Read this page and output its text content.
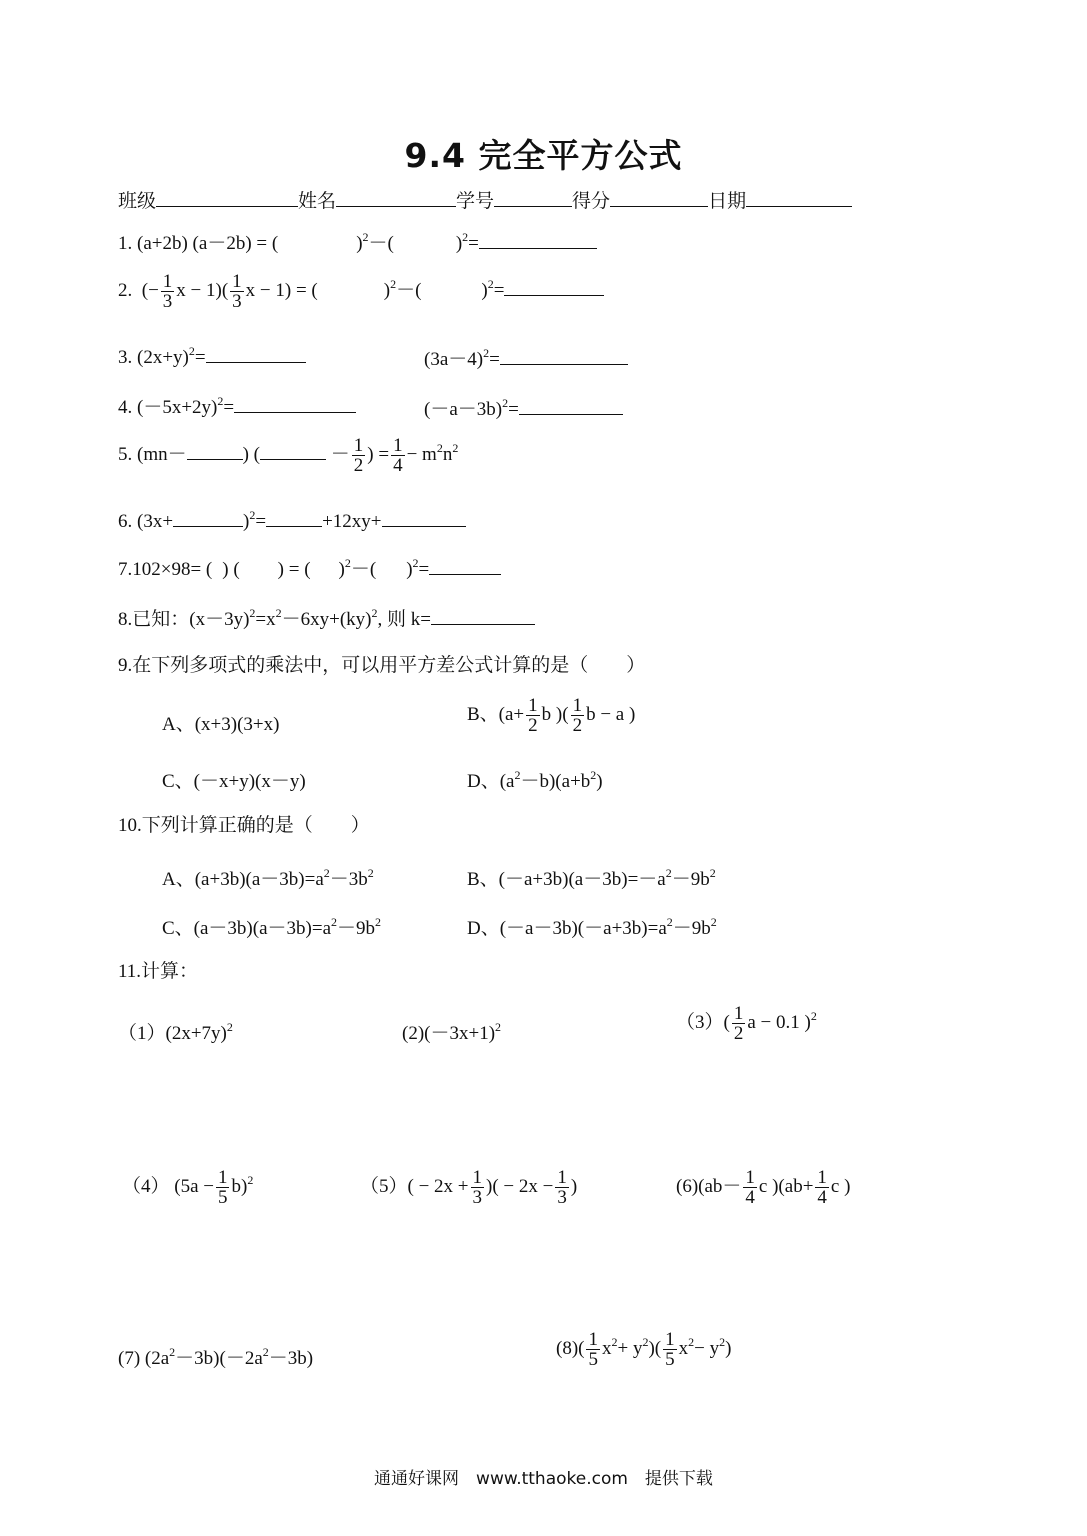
9.4 完全平方公式
班级	姓名	学号	得分	日期
1. (a+2b) (a－2b) = (	)$^2$－(	)$^2$=
2. (− $\frac{1}{3}$ $x - 1)( \frac{1}{3}$ x − 1) = (	)$^2$－(	)$^2$=
3. $(2x+y)^2=$	$(3a-4)^2=$
4. $(-5x+2y)^2=$	$(-a-3b)^2=$
5. (mn－	) (	－ $\frac{1}{2}$ ) = $\frac{1}{4} - m^2n^2$
6. (3x+	)$^2$=	+12xy+
7.102×98= ( ) ( ) = ( )$^2$－( )$^2$=
8.已知：$(x-3y)^2=x^2-6xy+(ky)^2$, 则 k=
9.在下列多项式的乘法中，可以用平方差公式计算的是（　　）
A、(x+3)(3+x)	B、($a+ \frac{1}{2}$ b )( $\frac{1}{2}$ b − a )
C、(－x+y)(x－y)	D、$(a^2-b)(a+b^2)$
10.下列计算正确的是（　　）
A、$(a+3b)(a-3b)=a^2-3b^2$	B、$(-a+3b)(a-3b)=-a^2-9b^2$
C、$(a-3b)(a-3b)=a^2-9b^2$	D、$(-a-3b)(-a+3b)=a^2-9b^2$
11.计算：
$(1)(2x+7y)^2$	$(2)(-3x+1)^2$	$(3)( \frac{1}{2}$ a − 0.1 )$^2$
（4） $(5a - \frac{1}{5} b)^2$	$(5)( - 2x + \frac{1}{3}$ )( − $2x - \frac{1}{3}$ )	$(6)(ab- \frac{1}{4}$ c )($ab+ \frac{1}{4}$ c )
(7) $(2a^2-3b)(-2a^2-3b)$	$(8)( \frac{1}{5} x^2+ y^2)( \frac{1}{5} x^2- y^2)$
通通好课网　www.tthaoke.com　提供下载
